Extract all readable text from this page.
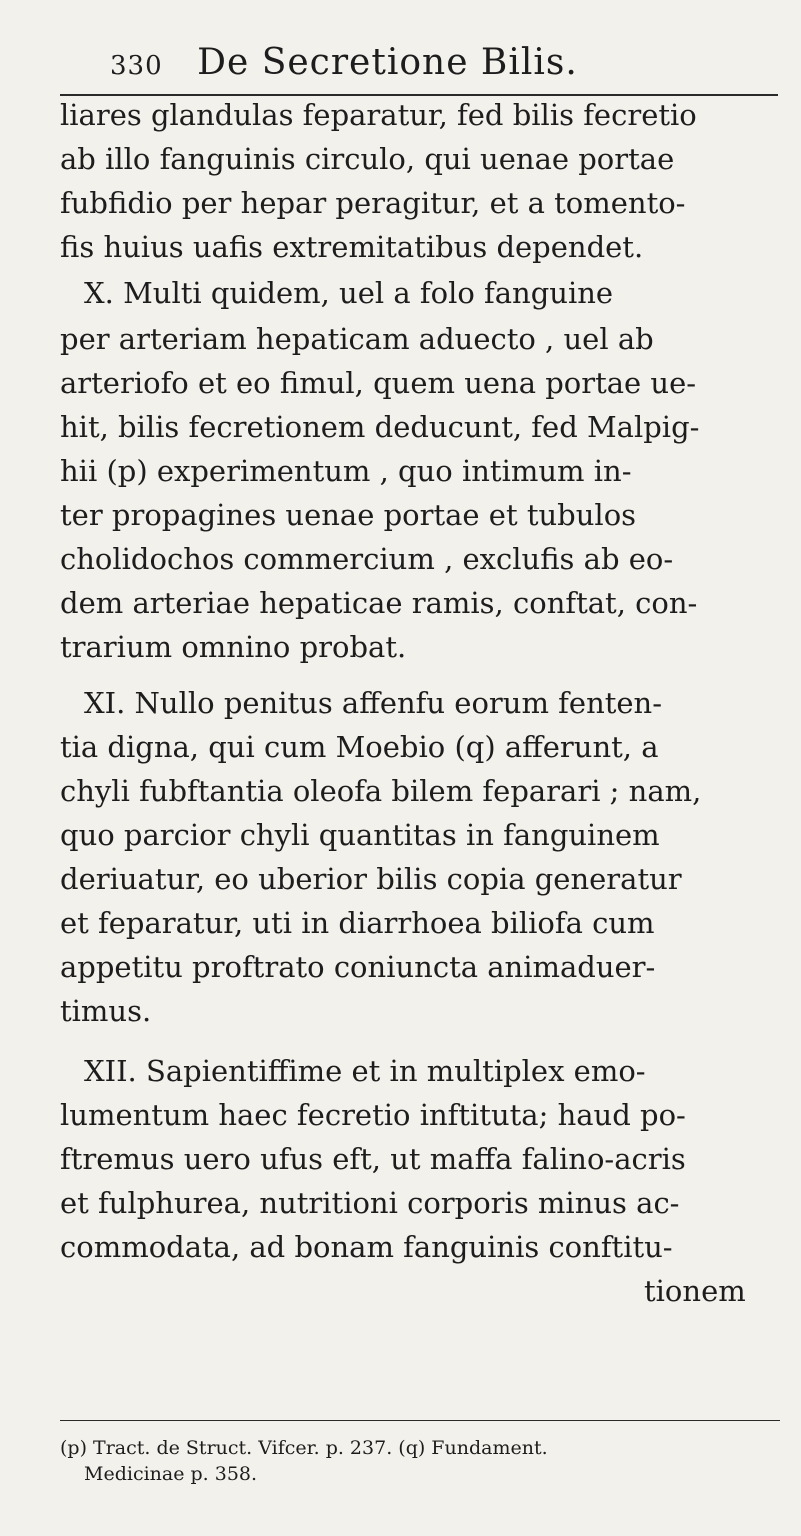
330 De Secretione Bilis.
liares glandulas feparatur, fed bilis fecretio
ab illo fanguinis circulo, qui uenae portae
fubfidio per hepar peragitur, et a tomento-
fis huius uafis extremitatibus dependet.
X. Multi quidem, uel a folo fanguine
per arteriam hepaticam aduecto , uel ab
arteriofo et eo fimul, quem uena portae ue-
hit, bilis fecretionem deducunt, fed Malpig-
hii (p) experimentum , quo intimum in-
ter propagines uenae portae et tubulos
cholidochos commercium , exclufis ab eo-
dem arteriae hepaticae ramis, conftat, con-
trarium omnino probat.
XI. Nullo penitus affenfu eorum fenten-
tia digna, qui cum Moebio (q) afferunt, a
chyli fubftantia oleofa bilem feparari ; nam,
quo parcior chyli quantitas in fanguinem
deriuatur, eo uberior bilis copia generatur
et feparatur, uti in diarrhoea biliofa cum
appetitu proftrato coniuncta animaduer-
timus.
XII. Sapientiffime et in multiplex emo-
lumentum haec fecretio inftituta; haud po-
ftremus uero ufus eft, ut maffa falino-acris
et fulphurea, nutritioni corporis minus ac-
commodata, ad bonam fanguinis conftitu-
tionem
(p) Tract. de Struct. Vifcer. p. 237. (q) Fundament.
Medicinae p. 358.
